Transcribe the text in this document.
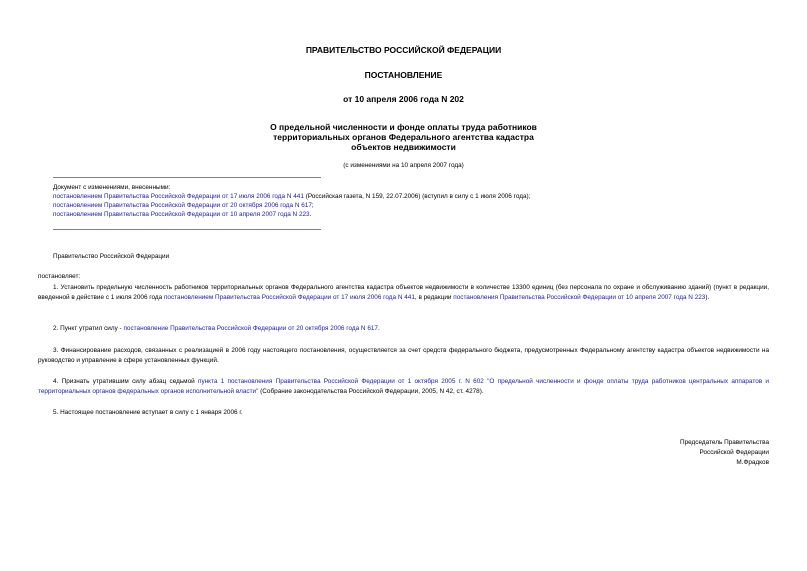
ПРАВИТЕЛЬСТВО РОССИЙСКОЙ ФЕДЕРАЦИИ
ПОСТАНОВЛЕНИЕ
от 10 апреля 2006 года N 202
О предельной численности и фонде оплаты труда работников
территориальных органов Федерального агентства кадастра
объектов недвижимости
(с изменениями на 10 апреля 2007 года)
Документ с изменениями, внесенными:
постановлением Правительства Российской Федерации от 17 июля 2006 года N 441 (Российская газета, N 159, 22.07.2006) (вступил в силу с 1 июля 2006 года);
постановлением Правительства Российской Федерации от 20 октября 2006 года N 617;
постановлением Правительства Российской Федерации от 10 апреля 2007 года N 223.
Правительство Российской Федерации
постановляет:
1. Установить предельную численность работников территориальных органов Федерального агентства кадастра объектов недвижимости в количестве 13300 единиц (без персонала по охране и обслуживанию зданий) (пункт в редакции, введенной в действие с 1 июля 2006 года постановлением Правительства Российской Федерации от 17 июля 2006 года N 441, в редакции постановления Правительства Российской Федерации от 10 апреля 2007 года N 223).
2. Пункт утратил силу - постановление Правительства Российской Федерации от 20 октября 2006 года N 617.
3. Финансирование расходов, связанных с реализацией в 2006 году настоящего постановления, осуществляется за счет средств федерального бюджета, предусмотренных Федеральному агентству кадастра объектов недвижимости на руководство и управление в сфере установленных функций.
4. Признать утратившим силу абзац седьмой пункта 1 постановления Правительства Российской Федерации от 1 октября 2005 г. N 602 "О предельной численности и фонде оплаты труда работников центральных аппаратов и территориальных органов федеральных органов исполнительной власти" (Собрание законодательства Российской Федерации, 2005, N 42, ст. 4278).
5. Настоящее постановление вступает в силу с 1 января 2006 г.
Председатель Правительства
Российской Федерации
М.Фрадков
